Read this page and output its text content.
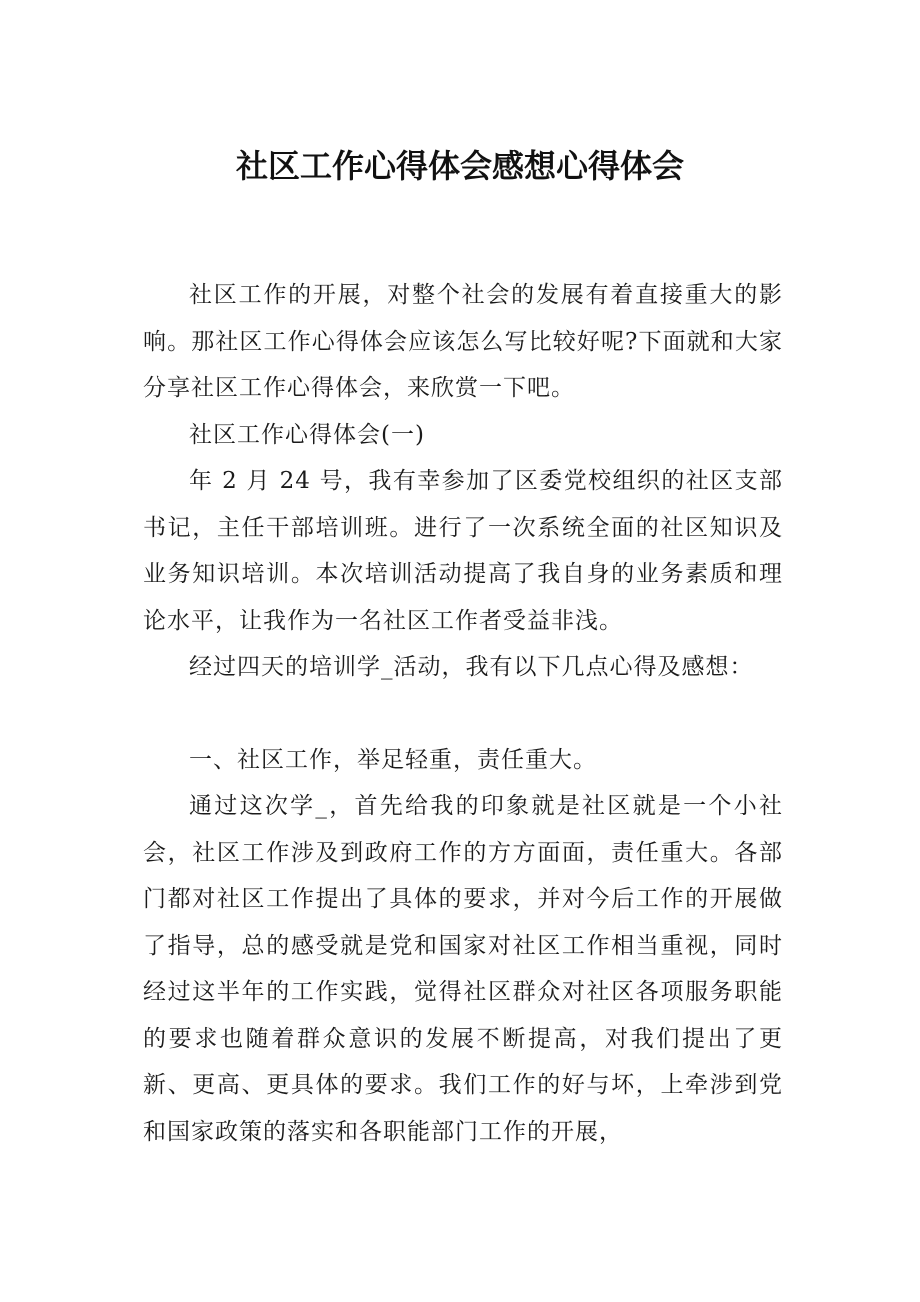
社区工作心得体会感想心得体会

社区工作的开展，对整个社会的发展有着直接重大的影响。那社区工作心得体会应该怎么写比较好呢?下面就和大家分享社区工作心得体会，来欣赏一下吧。

社区工作心得体会(一)

年 2 月 24 号，我有幸参加了区委党校组织的社区支部书记，主任干部培训班。进行了一次系统全面的社区知识及业务知识培训。本次培训活动提高了我自身的业务素质和理论水平，让我作为一名社区工作者受益非浅。

经过四天的培训学_活动，我有以下几点心得及感想：

一、社区工作，举足轻重，责任重大。

通过这次学_，首先给我的印象就是社区就是一个小社会，社区工作涉及到政府工作的方方面面，责任重大。各部门都对社区工作提出了具体的要求，并对今后工作的开展做了指导，总的感受就是党和国家对社区工作相当重视，同时经过这半年的工作实践，觉得社区群众对社区各项服务职能的要求也随着群众意识的发展不断提高，对我们提出了更新、更高、更具体的要求。我们工作的好与坏，上牵涉到党和国家政策的落实和各职能部门工作的开展，
